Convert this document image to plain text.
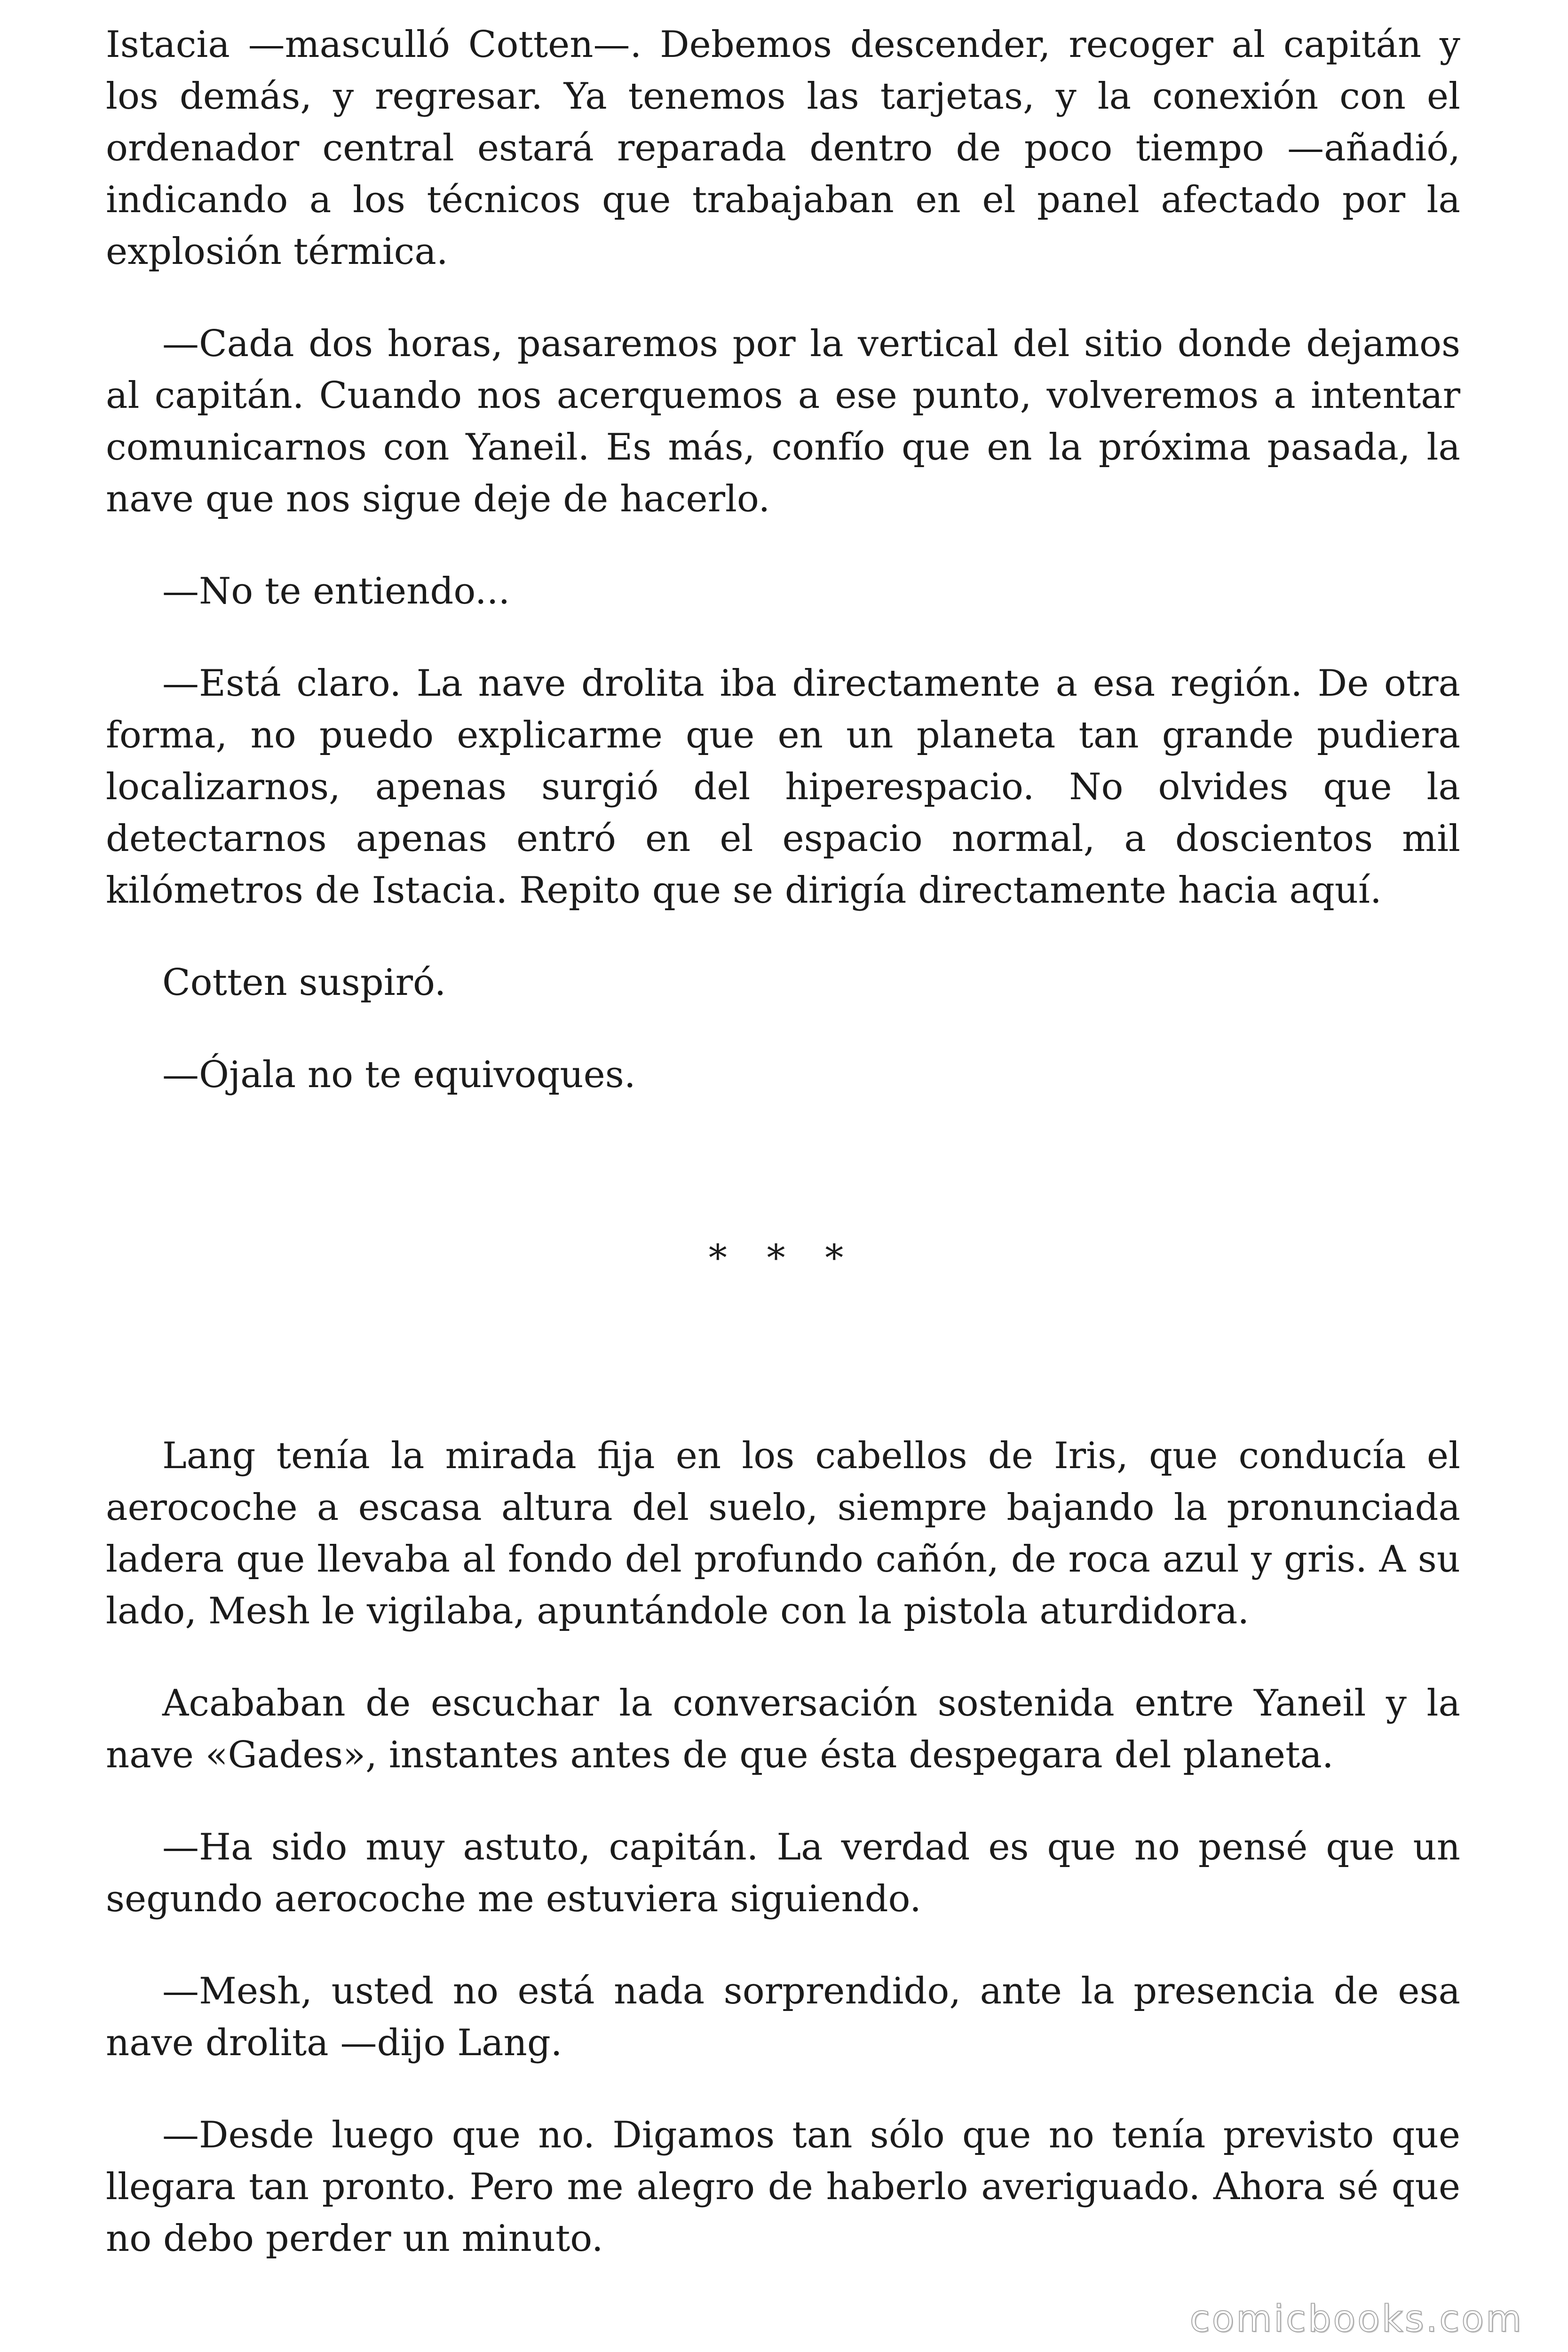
Istacia —masculló Cotten—. Debemos descender, recoger al capitán y los demás, y regresar. Ya tenemos las tarjetas, y la conexión con el ordenador central estará reparada dentro de poco tiempo —añadió, indicando a los técnicos que trabajaban en el panel afectado por la explosión térmica.

—Cada dos horas, pasaremos por la vertical del sitio donde dejamos al capitán. Cuando nos acerquemos a ese punto, volveremos a intentar comunicarnos con Yaneil. Es más, confío que en la próxima pasada, la nave que nos sigue deje de hacerlo.

—No te entiendo...

—Está claro. La nave drolita iba directamente a esa región. De otra forma, no puedo explicarme que en un planeta tan grande pudiera localizarnos, apenas surgió del hiperespacio. No olvides que la detectarnos apenas entró en el espacio normal, a doscientos mil kilómetros de Istacia. Repito que se dirigía directamente hacia aquí.

Cotten suspiró.

—Ójala no te equivoques.

* * *

Lang tenía la mirada fija en los cabellos de Iris, que conducía el aerocoche a escasa altura del suelo, siempre bajando la pronunciada ladera que llevaba al fondo del profundo cañón, de roca azul y gris. A su lado, Mesh le vigilaba, apuntándole con la pistola aturdidora.

Acababan de escuchar la conversación sostenida entre Yaneil y la nave «Gades», instantes antes de que ésta despegara del planeta.

—Ha sido muy astuto, capitán. La verdad es que no pensé que un segundo aerocoche me estuviera siguiendo.

—Mesh, usted no está nada sorprendido, ante la presencia de esa nave drolita —dijo Lang.

—Desde luego que no. Digamos tan sólo que no tenía previsto que llegara tan pronto. Pero me alegro de haberlo averiguado. Ahora sé que no debo perder un minuto.

comicbooks.com
